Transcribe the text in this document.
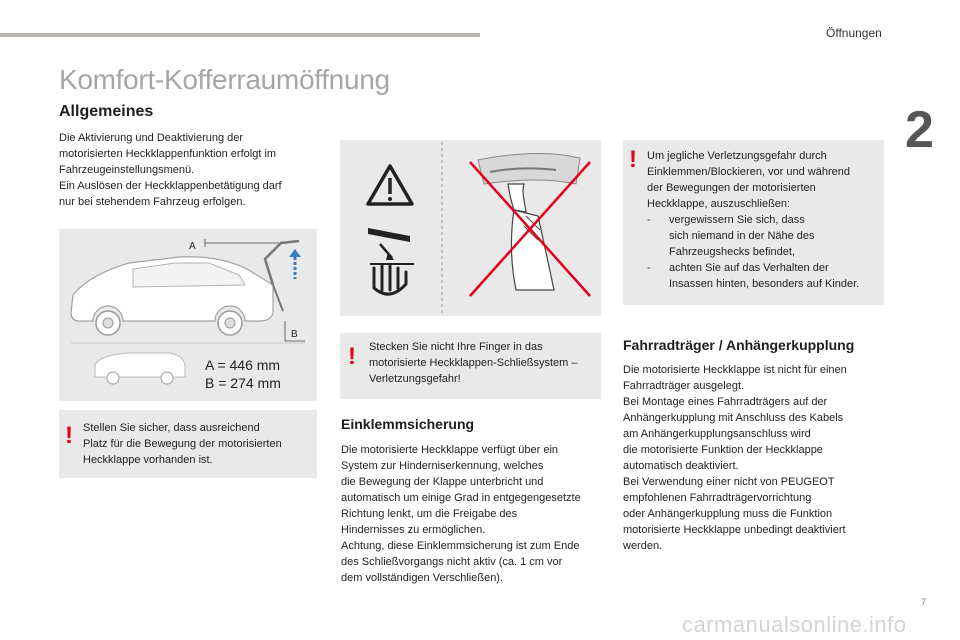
Öffnungen
2
Komfort-Kofferraumöffnung
Allgemeines

Die Aktivierung und Deaktivierung der

motorisierten Heckklappenfunktion erfolgt im

Fahrzeugeinstellungsmenü.

Ein Auslösen der Heckklappenbetätigung darf

nur bei stehendem Fahrzeug erfolgen.

A
B
A = 446 mm
B = 274 mm
! Stellen Sie sicher, dass ausreichend

Platz für die Bewegung der motorisierten

Heckklappe vorhanden ist.

! Stecken Sie nicht Ihre Finger in das

motorisierte Heckklappen-Schließsystem –

Verletzungsgefahr!

Einklemmsicherung

Die motorisierte Heckklappe verfügt über ein

System zur Hinderniserkennung, welches

die Bewegung der Klappe unterbricht und

automatisch um einige Grad in entgegengesetzte

Richtung lenkt, um die Freigabe des

Hindernisses zu ermöglichen.

Achtung, diese Einklemmsicherung ist zum Ende

des Schließvorgangs nicht aktiv (ca. 1 cm vor

dem vollständigen Verschließen).

! Um jegliche Verletzungsgefahr durch

Einklemmen/Blockieren, vor und während

der Bewegungen der motorisierten

Heckklappe, auszuschließen:

-	vergewissern Sie sich, dass

sich niemand in der Nähe des

Fahrzeugshecks befindet,

-	achten Sie auf das Verhalten der

Insassen hinten, besonders auf Kinder.

Fahrradträger / Anhängerkupplung

Die motorisierte Heckklappe ist nicht für einen

Fahrradträger ausgelegt.

Bei Montage eines Fahrradträgers auf der

Anhängerkupplung mit Anschluss des Kabels

am Anhängerkupplungsanschluss wird

die motorisierte Funktion der Heckklappe

automatisch deaktiviert.

Bei Verwendung einer nicht von PEUGEOT

empfohlenen Fahrradträgervorrichtung

oder Anhängerkupplung muss die Funktion

motorisierte Heckklappe unbedingt deaktiviert

werden.

7
carmanualsonline.info
